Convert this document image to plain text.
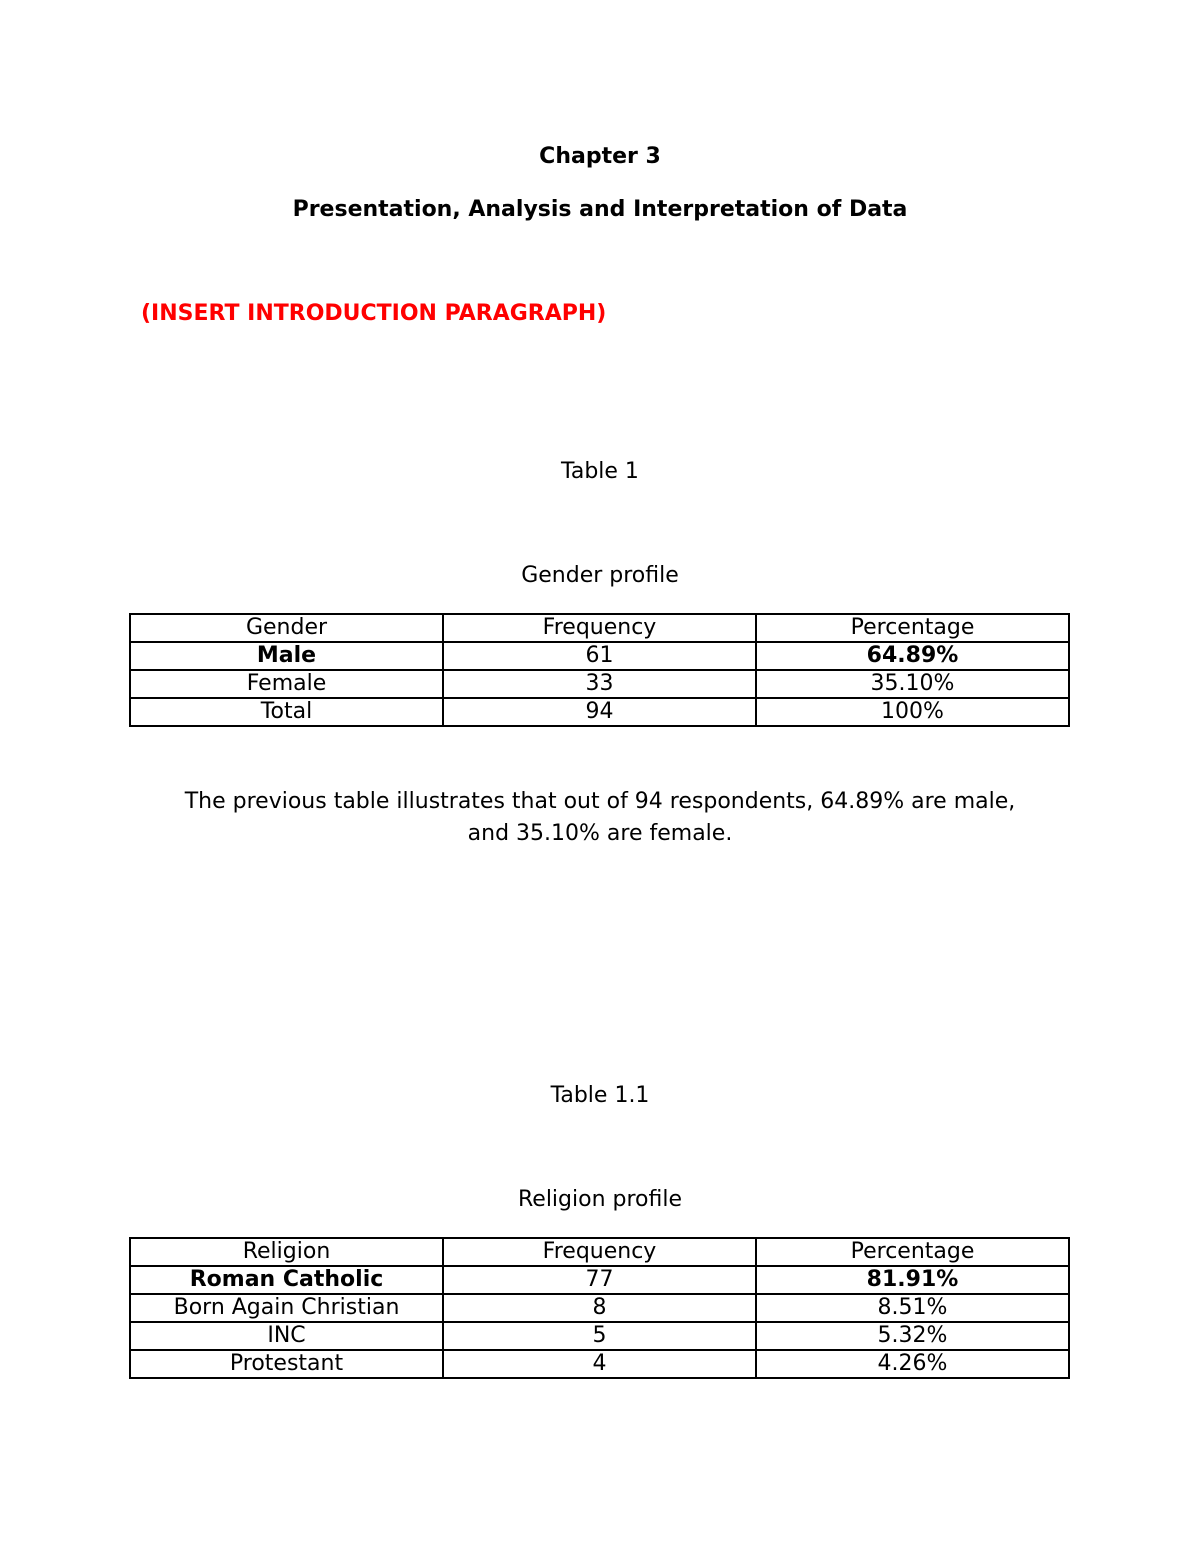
Chapter 3
Presentation, Analysis and Interpretation of Data

(INSERT INTRODUCTION PARAGRAPH)

Table 1

Gender profile

Gender	Frequency	Percentage
Male	61	64.89%
Female	33	35.10%
Total	94	100%

The previous table illustrates that out of 94 respondents, 64.89% are male,
and 35.10% are female.

Table 1.1

Religion profile

Religion	Frequency	Percentage
Roman Catholic	77	81.91%
Born Again Christian	8	8.51%
INC	5	5.32%
Protestant	4	4.26%
